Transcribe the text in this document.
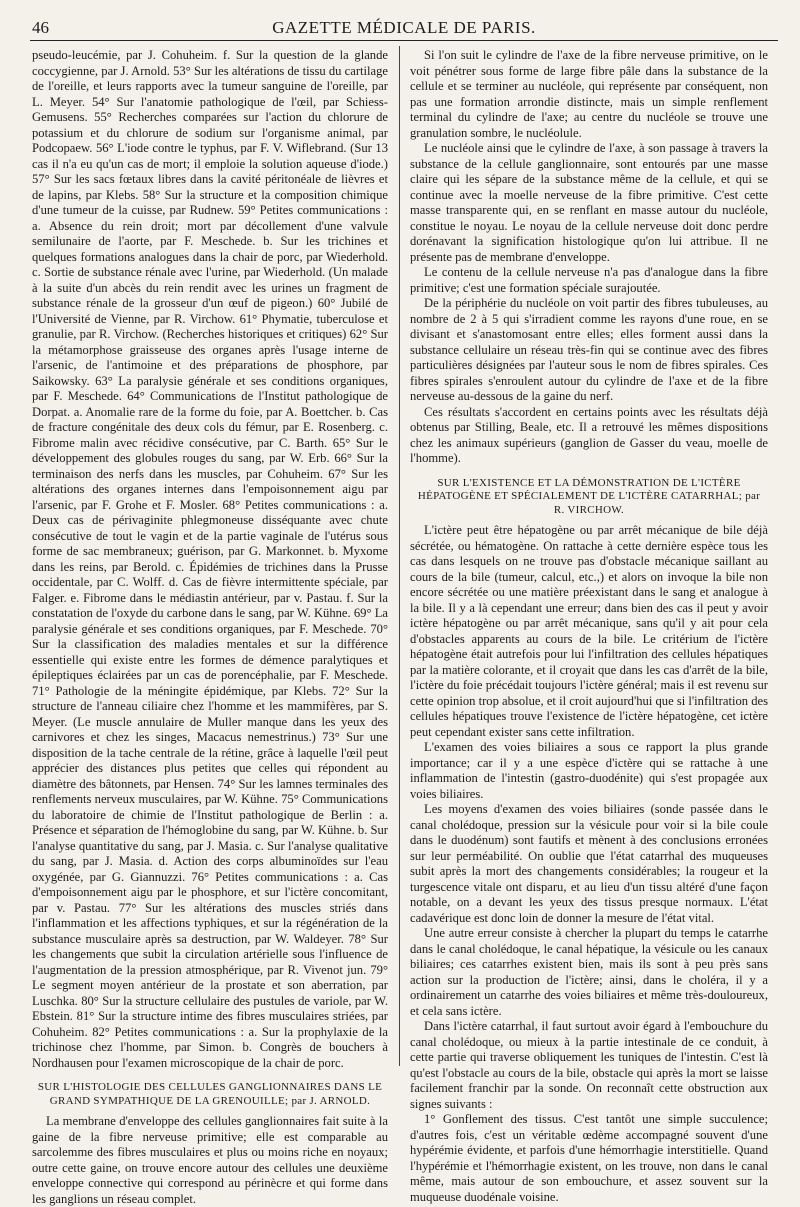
46	GAZETTE MÉDICALE DE PARIS.

pseudo-leucémie, par J. Cohuheim. f. Sur la question de la glande coccygienne, par J. Arnold. 53° Sur les altérations de tissu du cartilage de l'oreille, et leurs rapports avec la tumeur sanguine de l'oreille, par L. Meyer. 54° Sur l'anatomie pathologique de l'œil, par Schiess-Gemusens. 55° Recherches comparées sur l'action du chlorure de potassium et du chlorure de sodium sur l'organisme animal, par Podcopaew. 56° L'iode contre le typhus, par F. V. Wiflebrand. (Sur 13 cas il n'a eu qu'un cas de mort; il emploie la solution aqueuse d'iode.) 57° Sur les sacs fœtaux libres dans la cavité péritonéale de lièvres et de lapins, par Klebs. 58° Sur la structure et la composition chimique d'une tumeur de la cuisse, par Rudnew. 59° Petites communications : a. Absence du rein droit; mort par décollement d'une valvule semilunaire de l'aorte, par F. Meschede. b. Sur les trichines et quelques formations analogues dans la chair de porc, par Wiederhold. c. Sortie de substance rénale avec l'urine, par Wiederhold. (Un malade à la suite d'un abcès du rein rendit avec les urines un fragment de substance rénale de la grosseur d'un œuf de pigeon.) 60° Jubilé de l'Université de Vienne, par R. Virchow. 61° Phymatie, tuberculose et granulie, par R. Virchow. (Recherches historiques et critiques) 62° Sur la métamorphose graisseuse des organes après l'usage interne de l'arsenic, de l'antimoine et des préparations de phosphore, par Saikowsky. 63° La paralysie générale et ses conditions organiques, par F. Meschede. 64° Communications de l'Institut pathologique de Dorpat. a. Anomalie rare de la forme du foie, par A. Boettcher. b. Cas de fracture congénitale des deux cols du fémur, par E. Rosenberg. c. Fibrome malin avec récidive consécutive, par C. Barth. 65° Sur le développement des globules rouges du sang, par W. Erb. 66° Sur la terminaison des nerfs dans les muscles, par Cohuheim. 67° Sur les altérations des organes internes dans l'empoisonnement aigu par l'arsenic, par F. Grohe et F. Mosler. 68° Petites communications : a. Deux cas de périvaginite phlegmoneuse disséquante avec chute consécutive de tout le vagin et de la partie vaginale de l'utérus sous forme de sac membraneux; guérison, par G. Markonnet. b. Myxome dans les reins, par Berold. c. Épidémies de trichines dans la Prusse occidentale, par C. Wolff. d. Cas de fièvre intermittente spéciale, par Falger. e. Fibrome dans le médiastin antérieur, par v. Pastau. f. Sur la constatation de l'oxyde du carbone dans le sang, par W. Kühne. 69° La paralysie générale et ses conditions organiques, par F. Meschede. 70° Sur la classification des maladies mentales et sur la différence essentielle qui existe entre les formes de démence paralytiques et épileptiques éclairées par un cas de porencéphalie, par F. Meschede. 71° Pathologie de la méningite épidémique, par Klebs. 72° Sur la structure de l'anneau ciliaire chez l'homme et les mammifères, par S. Meyer. (Le muscle annulaire de Muller manque dans les yeux des carnivores et chez les singes, Macacus nemestrinus.) 73° Sur une disposition de la tache centrale de la rétine, grâce à laquelle l'œil peut apprécier des distances plus petites que celles qui répondent au diamètre des bâtonnets, par Hensen. 74° Sur les lamnes terminales des renflements nerveux musculaires, par W. Kühne. 75° Communications du laboratoire de chimie de l'Institut pathologique de Berlin : a. Présence et séparation de l'hémoglobine du sang, par W. Kühne. b. Sur l'analyse quantitative du sang, par J. Masia. c. Sur l'analyse qualitative du sang, par J. Masia. d. Action des corps albuminoïdes sur l'eau oxygénée, par G. Giannuzzi. 76° Petites communications : a. Cas d'empoisonnement aigu par le phosphore, et sur l'ictère concomitant, par v. Pastau. 77° Sur les altérations des muscles striés dans l'inflammation et les affections typhiques, et sur la régénération de la substance musculaire après sa destruction, par W. Waldeyer. 78° Sur les changements que subit la circulation artérielle sous l'influence de l'augmentation de la pression atmosphérique, par R. Vivenot jun. 79° Le segment moyen antérieur de la prostate et son aberration, par Luschka. 80° Sur la structure cellulaire des pustules de variole, par W. Ebstein. 81° Sur la structure intime des fibres musculaires striées, par Cohuheim. 82° Petites communications : a. Sur la prophylaxie de la trichinose chez l'homme, par Simon. b. Congrès de bouchers à Nordhausen pour l'examen microscopique de la chair de porc.

SUR L'HISTOLOGIE DES CELLULES GANGLIONNAIRES DANS LE GRAND SYMPATHIQUE DE LA GRENOUILLE; par J. ARNOLD.

La membrane d'enveloppe des cellules ganglionnaires fait suite à la gaine de la fibre nerveuse primitive; elle est comparable au sarcolemme des fibres musculaires et plus ou moins riche en noyaux; outre cette gaine, on trouve encore autour des cellules une deuxième enveloppe connective qui correspond au périnècre et qui forme dans les ganglions un réseau complet.

Si l'on suit le cylindre de l'axe de la fibre nerveuse primitive, on le voit pénétrer sous forme de large fibre pâle dans la substance de la cellule et se terminer au nucléole, qui représente par conséquent, non pas une formation arrondie distincte, mais un simple renflement terminal du cylindre de l'axe; au centre du nucléole se trouve une granulation sombre, le nucléolule.

Le nucléole ainsi que le cylindre de l'axe, à son passage à travers la substance de la cellule ganglionnaire, sont entourés par une masse claire qui les sépare de la substance même de la cellule, et qui se continue avec la moelle nerveuse de la fibre primitive. C'est cette masse transparente qui, en se renflant en masse autour du nucléole, constitue le noyau. Le noyau de la cellule nerveuse doit donc perdre dorénavant la signification histologique qu'on lui attribue. Il ne présente pas de membrane d'enveloppe.

Le contenu de la cellule nerveuse n'a pas d'analogue dans la fibre primitive; c'est une formation spéciale surajoutée.

De la périphérie du nucléole on voit partir des fibres tubuleuses, au nombre de 2 à 5 qui s'irradient comme les rayons d'une roue, en se divisant et s'anastomosant entre elles; elles forment aussi dans la substance cellulaire un réseau très-fin qui se continue avec des fibres particulières désignées par l'auteur sous le nom de fibres spirales. Ces fibres spirales s'enroulent autour du cylindre de l'axe et de la fibre nerveuse au-dessous de la gaine du nerf.

Ces résultats s'accordent en certains points avec les résultats déjà obtenus par Stilling, Beale, etc. Il a retrouvé les mêmes dispositions chez les animaux supérieurs (ganglion de Gasser du veau, moelle de l'homme).

SUR L'EXISTENCE ET LA DÉMONSTRATION DE L'ICTÈRE HÉPATOGÈNE ET SPÉCIALEMENT DE L'ICTÈRE CATARRHAL; par R. VIRCHOW.

L'ictère peut être hépatogène ou par arrêt mécanique de bile déjà sécrétée, ou hématogène. On rattache à cette dernière espèce tous les cas dans lesquels on ne trouve pas d'obstacle mécanique saillant au cours de la bile (tumeur, calcul, etc.,) et alors on invoque la bile non encore sécrétée ou une matière préexistant dans le sang et analogue à la bile. Il y a là cependant une erreur; dans bien des cas il peut y avoir ictère hépatogène ou par arrêt mécanique, sans qu'il y ait pour cela d'obstacles apparents au cours de la bile. Le critérium de l'ictère hépatogène était autrefois pour lui l'infiltration des cellules hépatiques par la matière colorante, et il croyait que dans les cas d'arrêt de la bile, l'ictère du foie précédait toujours l'ictère général; mais il est revenu sur cette opinion trop absolue, et il croit aujourd'hui que si l'infiltration des cellules hépatiques trouve l'existence de l'ictère hépatogène, cet ictère peut cependant exister sans cette infiltration.

L'examen des voies biliaires a sous ce rapport la plus grande importance; car il y a une espèce d'ictère qui se rattache à une inflammation de l'intestin (gastro-duodénite) qui s'est propagée aux voies biliaires.

Les moyens d'examen des voies biliaires (sonde passée dans le canal cholédoque, pression sur la vésicule pour voir si la bile coule dans le duodénum) sont fautifs et mènent à des conclusions erronées sur leur perméabilité. On oublie que l'état catarrhal des muqueuses subit après la mort des changements considérables; la rougeur et la turgescence vitale ont disparu, et au lieu d'un tissu altéré d'une façon notable, on a devant les yeux des tissus presque normaux. L'état cadavérique est donc loin de donner la mesure de l'état vital.

Une autre erreur consiste à chercher la plupart du temps le catarrhe dans le canal cholédoque, le canal hépatique, la vésicule ou les canaux biliaires; ces catarrhes existent bien, mais ils sont à peu près sans action sur la production de l'ictère; ainsi, dans le choléra, il y a ordinairement un catarrhe des voies biliaires et même très-douloureux, et cela sans ictère.

Dans l'ictère catarrhal, il faut surtout avoir égard à l'embouchure du canal cholédoque, ou mieux à la partie intestinale de ce conduit, à cette partie qui traverse obliquement les tuniques de l'intestin. C'est là qu'est l'obstacle au cours de la bile, obstacle qui après la mort se laisse facilement franchir par la sonde. On reconnaît cette obstruction aux signes suivants :

1° Gonflement des tissus. C'est tantôt une simple succulence; d'autres fois, c'est un véritable œdème accompagné souvent d'une hypérémie évidente, et parfois d'une hémorrhagie interstitielle. Quand l'hypérémie et l'hémorrhagie existent, on les trouve, non dans le canal même, mais autour de son embouchure, et assez souvent sur la muqueuse duodénale voisine.
